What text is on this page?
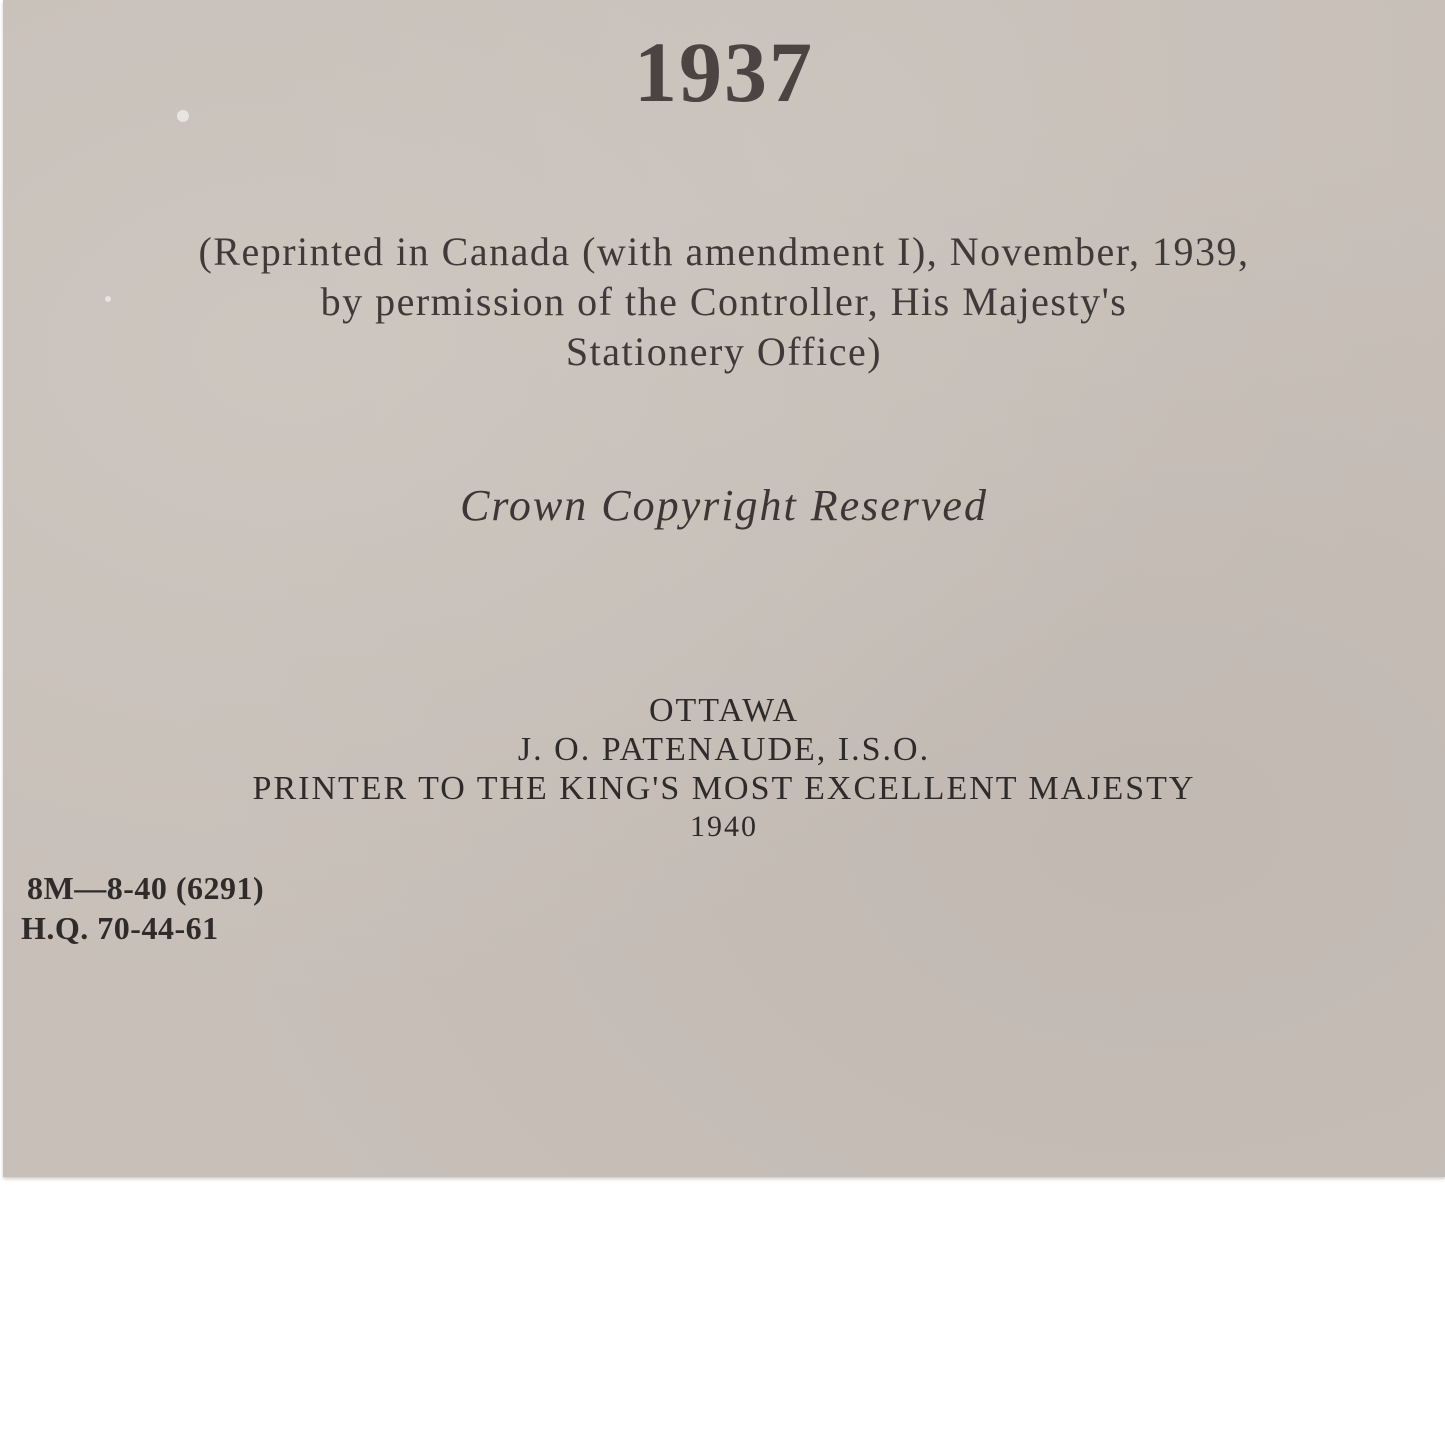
1937
(Reprinted in Canada (with amendment I), November, 1939,
by permission of the Controller, His Majesty's
Stationery Office)
Crown Copyright Reserved
OTTAWA
J. O. PATENAUDE, I.S.O.
PRINTER TO THE KING'S MOST EXCELLENT MAJESTY
1940
8M—8-40 (6291)
H.Q. 70-44-61
